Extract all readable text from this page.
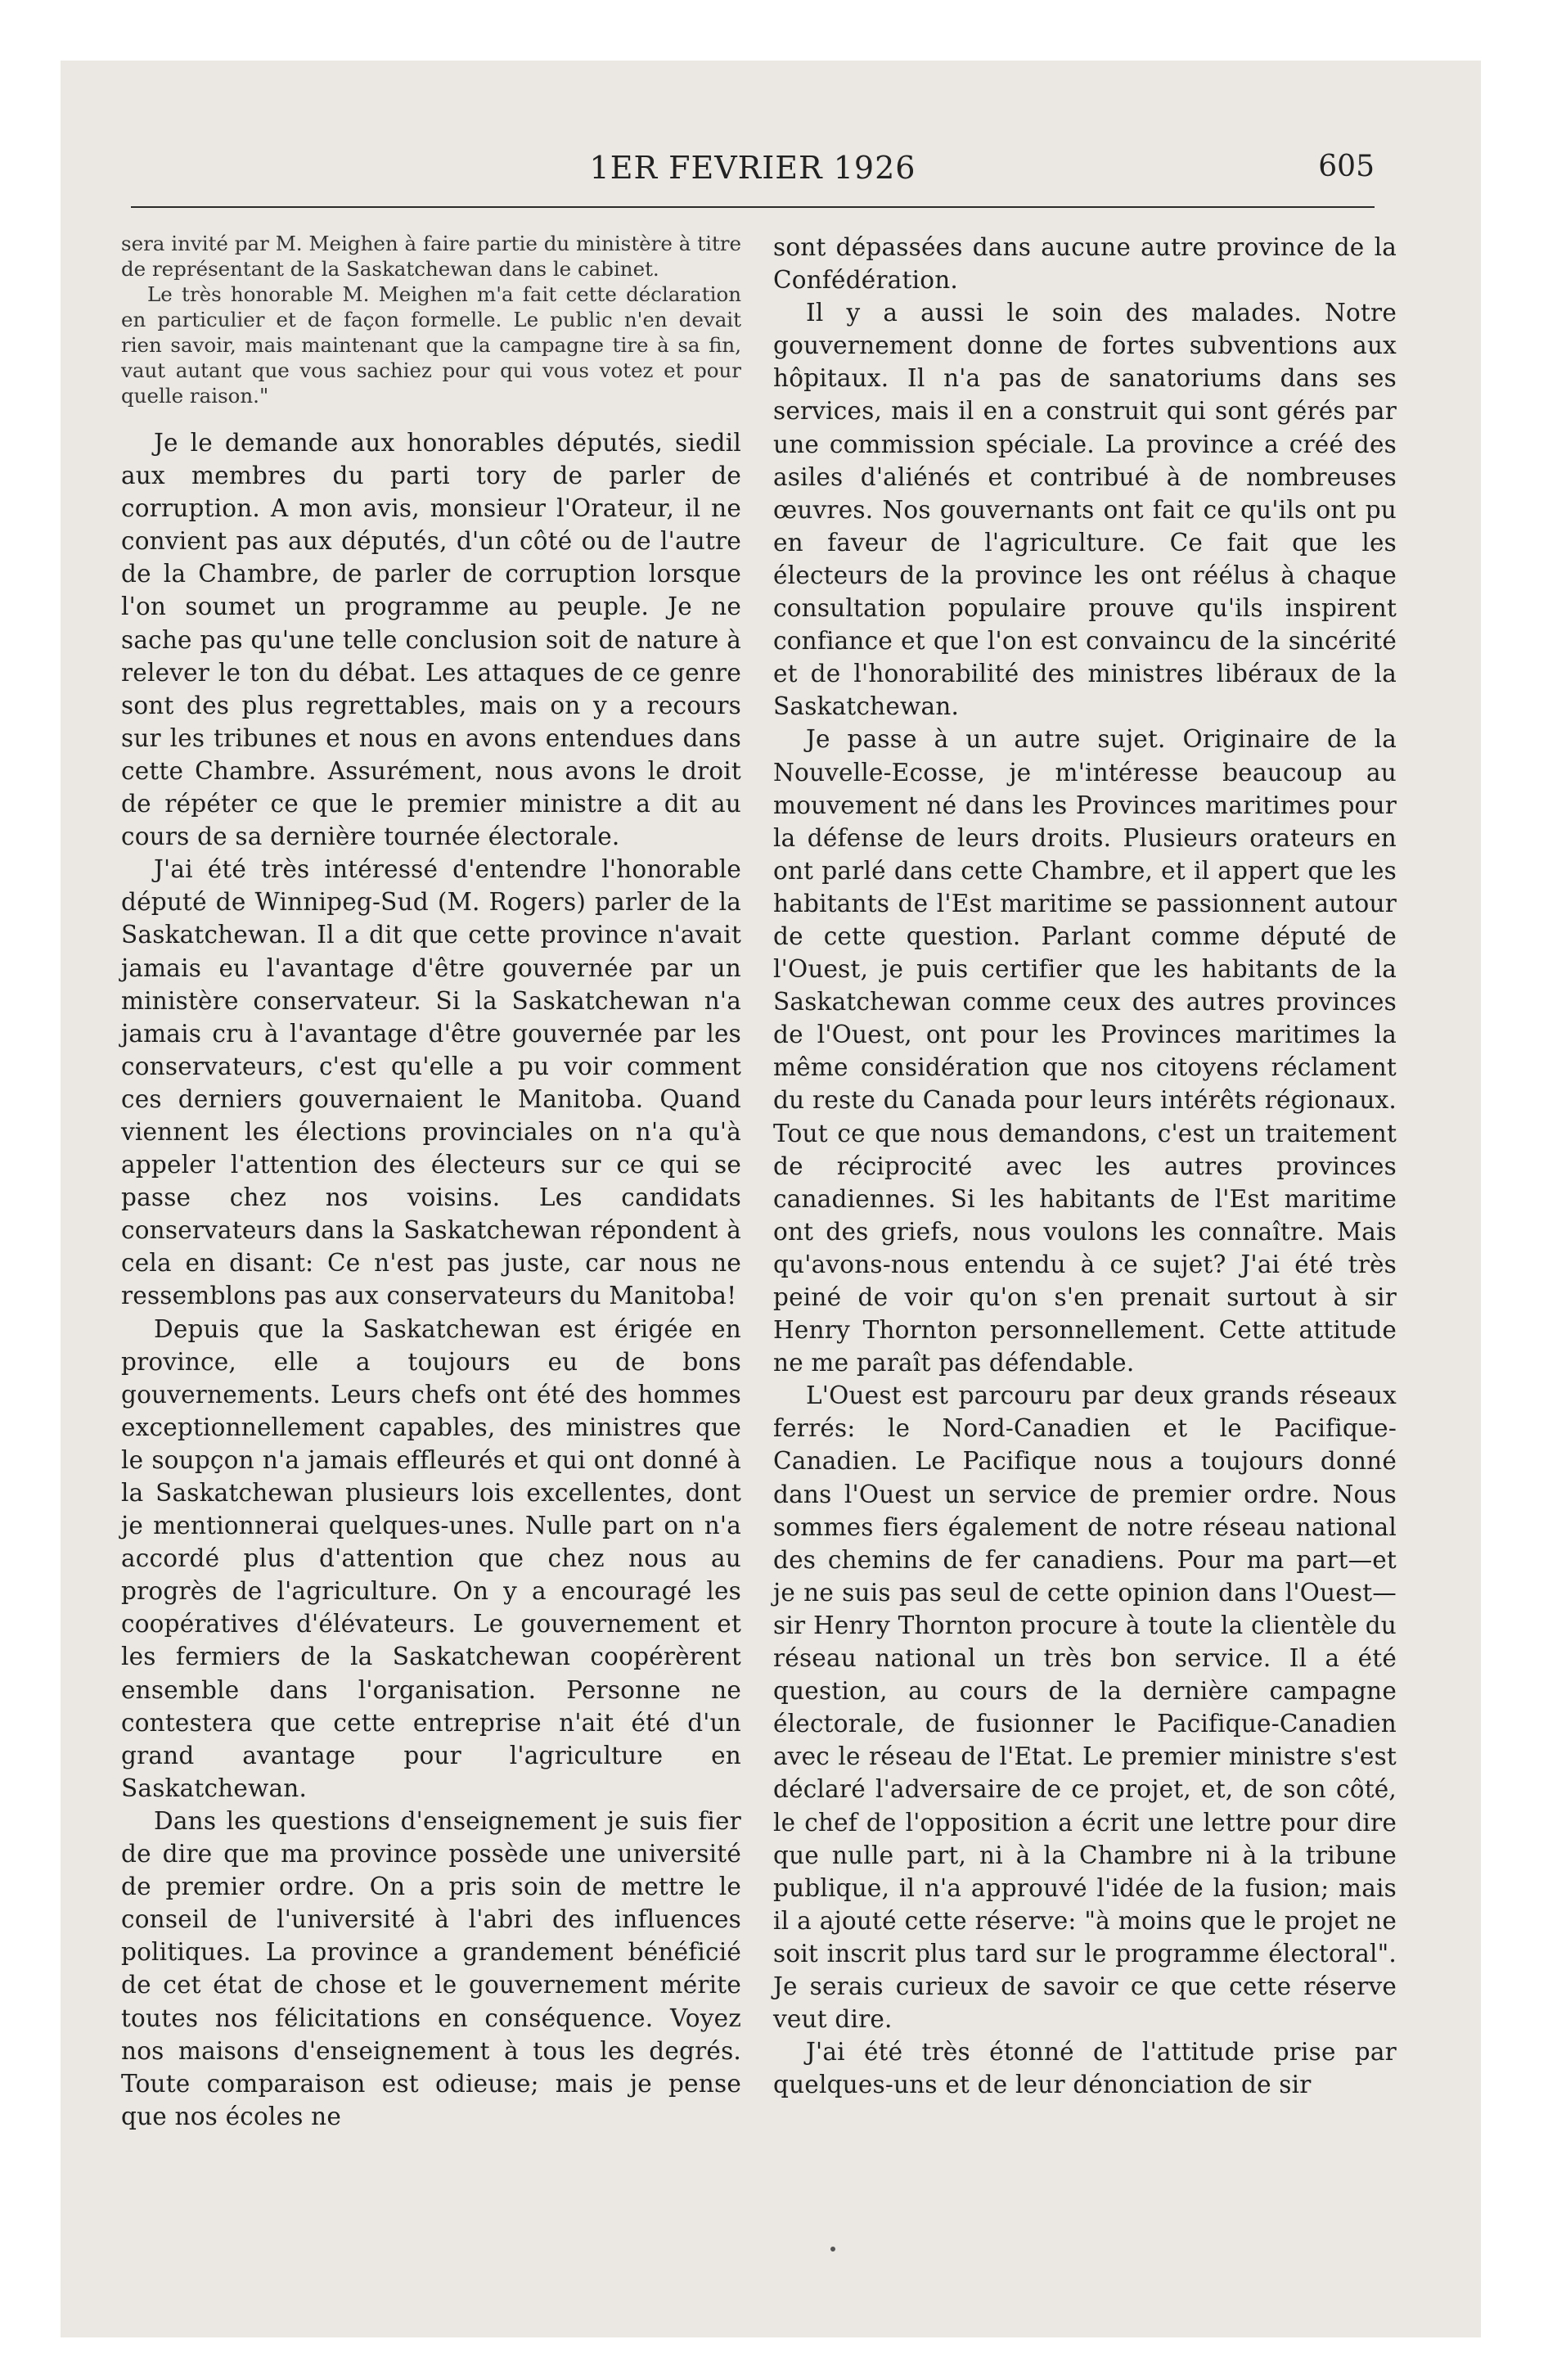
1ER FEVRIER 1926	605

sera invité par M. Meighen à faire partie du ministère à titre de représentant de la Saskatchewan dans le cabinet.

Le très honorable M. Meighen m'a fait cette déclaration en particulier et de façon formelle. Le public n'en devait rien savoir, mais maintenant que la campagne tire à sa fin, vaut autant que vous sachiez pour qui vous votez et pour quelle raison."

Je le demande aux honorables députés, siedil aux membres du parti tory de parler de corruption. A mon avis, monsieur l'Orateur, il ne convient pas aux députés, d'un côté ou de l'autre de la Chambre, de parler de corruption lorsque l'on soumet un programme au peuple. Je ne sache pas qu'une telle conclusion soit de nature à relever le ton du débat. Les attaques de ce genre sont des plus regrettables, mais on y a recours sur les tribunes et nous en avons entendues dans cette Chambre. Assurément, nous avons le droit de répéter ce que le premier ministre a dit au cours de sa dernière tournée électorale.

J'ai été très intéressé d'entendre l'honorable député de Winnipeg-Sud (M. Rogers) parler de la Saskatchewan. Il a dit que cette province n'avait jamais eu l'avantage d'être gouvernée par un ministère conservateur. Si la Saskatchewan n'a jamais cru à l'avantage d'être gouvernée par les conservateurs, c'est qu'elle a pu voir comment ces derniers gouvernaient le Manitoba. Quand viennent les élections provinciales on n'a qu'à appeler l'attention des électeurs sur ce qui se passe chez nos voisins. Les candidats conservateurs dans la Saskatchewan répondent à cela en disant: Ce n'est pas juste, car nous ne ressemblons pas aux conservateurs du Manitoba!

Depuis que la Saskatchewan est érigée en province, elle a toujours eu de bons gouvernements. Leurs chefs ont été des hommes exceptionnellement capables, des ministres que le soupçon n'a jamais effleurés et qui ont donné à la Saskatchewan plusieurs lois excellentes, dont je mentionnerai quelques-unes. Nulle part on n'a accordé plus d'attention que chez nous au progrès de l'agriculture. On y a encouragé les coopératives d'élévateurs. Le gouvernement et les fermiers de la Saskatchewan coopérèrent ensemble dans l'organisation. Personne ne contestera que cette entreprise n'ait été d'un grand avantage pour l'agriculture en Saskatchewan.

Dans les questions d'enseignement je suis fier de dire que ma province possède une université de premier ordre. On a pris soin de mettre le conseil de l'université à l'abri des influences politiques. La province a grandement bénéficié de cet état de chose et le gouvernement mérite toutes nos félicitations en conséquence. Voyez nos maisons d'enseignement à tous les degrés. Toute comparaison est odieuse; mais je pense que nos écoles ne

sont dépassées dans aucune autre province de la Confédération.

Il y a aussi le soin des malades. Notre gouvernement donne de fortes subventions aux hôpitaux. Il n'a pas de sanatoriums dans ses services, mais il en a construit qui sont gérés par une commission spéciale. La province a créé des asiles d'aliénés et contribué à de nombreuses œuvres. Nos gouvernants ont fait ce qu'ils ont pu en faveur de l'agriculture. Ce fait que les électeurs de la province les ont réélus à chaque consultation populaire prouve qu'ils inspirent confiance et que l'on est convaincu de la sincérité et de l'honorabilité des ministres libéraux de la Saskatchewan.

Je passe à un autre sujet. Originaire de la Nouvelle-Ecosse, je m'intéresse beaucoup au mouvement né dans les Provinces maritimes pour la défense de leurs droits. Plusieurs orateurs en ont parlé dans cette Chambre, et il appert que les habitants de l'Est maritime se passionnent autour de cette question. Parlant comme député de l'Ouest, je puis certifier que les habitants de la Saskatchewan comme ceux des autres provinces de l'Ouest, ont pour les Provinces maritimes la même considération que nos citoyens réclament du reste du Canada pour leurs intérêts régionaux. Tout ce que nous demandons, c'est un traitement de réciprocité avec les autres provinces canadiennes. Si les habitants de l'Est maritime ont des griefs, nous voulons les connaître. Mais qu'avons-nous entendu à ce sujet? J'ai été très peiné de voir qu'on s'en prenait surtout à sir Henry Thornton personnellement. Cette attitude ne me paraît pas défendable.

L'Ouest est parcouru par deux grands réseaux ferrés: le Nord-Canadien et le Pacifique-Canadien. Le Pacifique nous a toujours donné dans l'Ouest un service de premier ordre. Nous sommes fiers également de notre réseau national des chemins de fer canadiens. Pour ma part—et je ne suis pas seul de cette opinion dans l'Ouest—sir Henry Thornton procure à toute la clientèle du réseau national un très bon service. Il a été question, au cours de la dernière campagne électorale, de fusionner le Pacifique-Canadien avec le réseau de l'Etat. Le premier ministre s'est déclaré l'adversaire de ce projet, et, de son côté, le chef de l'opposition a écrit une lettre pour dire que nulle part, ni à la Chambre ni à la tribune publique, il n'a approuvé l'idée de la fusion; mais il a ajouté cette réserve: "à moins que le projet ne soit inscrit plus tard sur le programme électoral". Je serais curieux de savoir ce que cette réserve veut dire.

J'ai été très étonné de l'attitude prise par quelques-uns et de leur dénonciation de sir
